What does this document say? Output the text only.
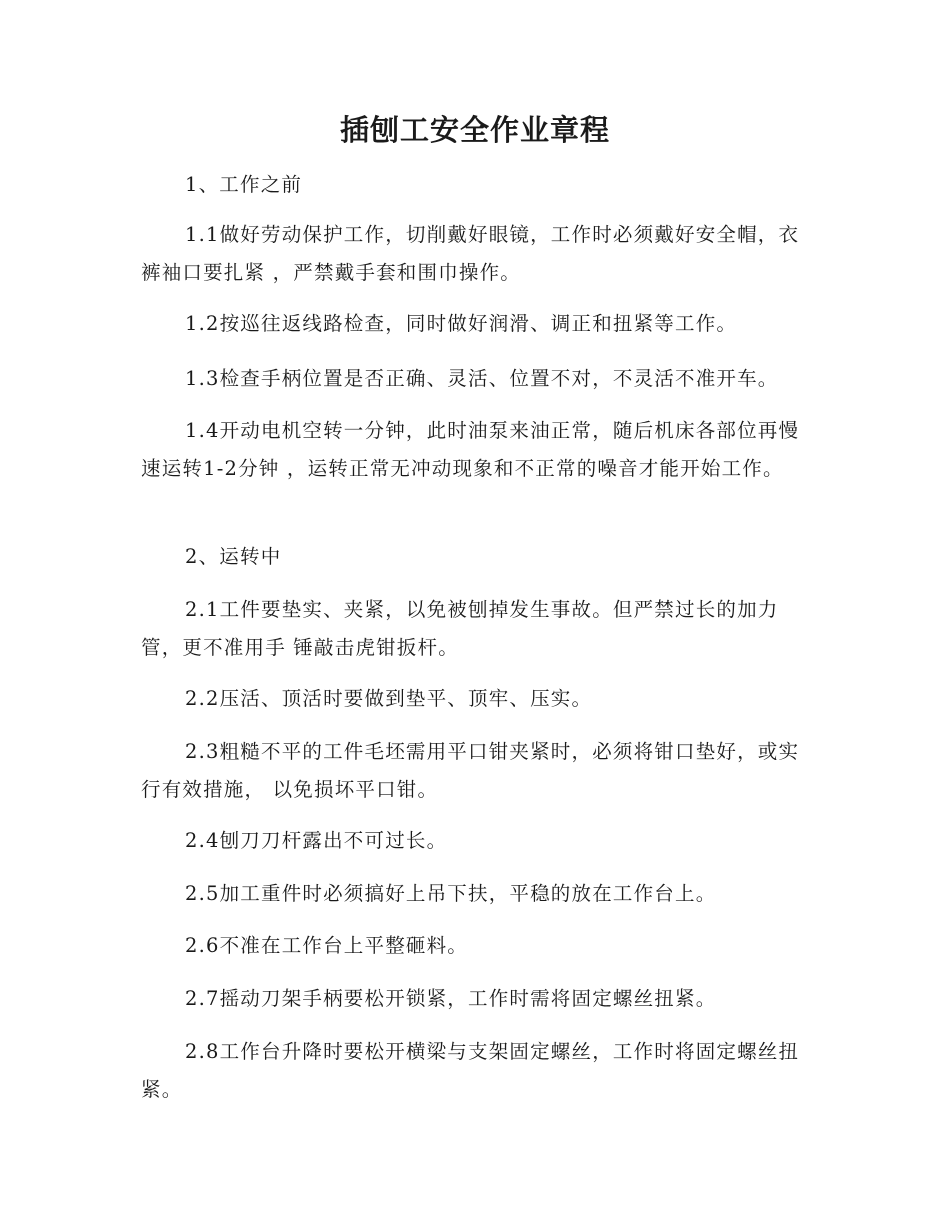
插刨工安全作业章程

1、工作之前

1.1做好劳动保护工作，切削戴好眼镜，工作时必须戴好安全帽，衣裤袖口要扎紧 ，严禁戴手套和围巾操作。

1.2按巡往返线路检查，同时做好润滑、调正和扭紧等工作。

1.3检查手柄位置是否正确、灵活、位置不对，不灵活不准开车。

1.4开动电机空转一分钟，此时油泵来油正常，随后机床各部位再慢速运转1-2分钟 ，运转正常无冲动现象和不正常的噪音才能开始工作。

2、运转中

2.1工件要垫实、夹紧，以免被刨掉发生事故。但严禁过长的加力管，更不准用手 锤敲击虎钳扳杆。

2.2压活、顶活时要做到垫平、顶牢、压实。

2.3粗糙不平的工件毛坯需用平口钳夹紧时，必须将钳口垫好，或实行有效措施， 以免损坏平口钳。

2.4刨刀刀杆露出不可过长。

2.5加工重件时必须搞好上吊下扶，平稳的放在工作台上。

2.6不准在工作台上平整砸料。

2.7摇动刀架手柄要松开锁紧，工作时需将固定螺丝扭紧。

2.8工作台升降时要松开横梁与支架固定螺丝，工作时将固定螺丝扭紧。
